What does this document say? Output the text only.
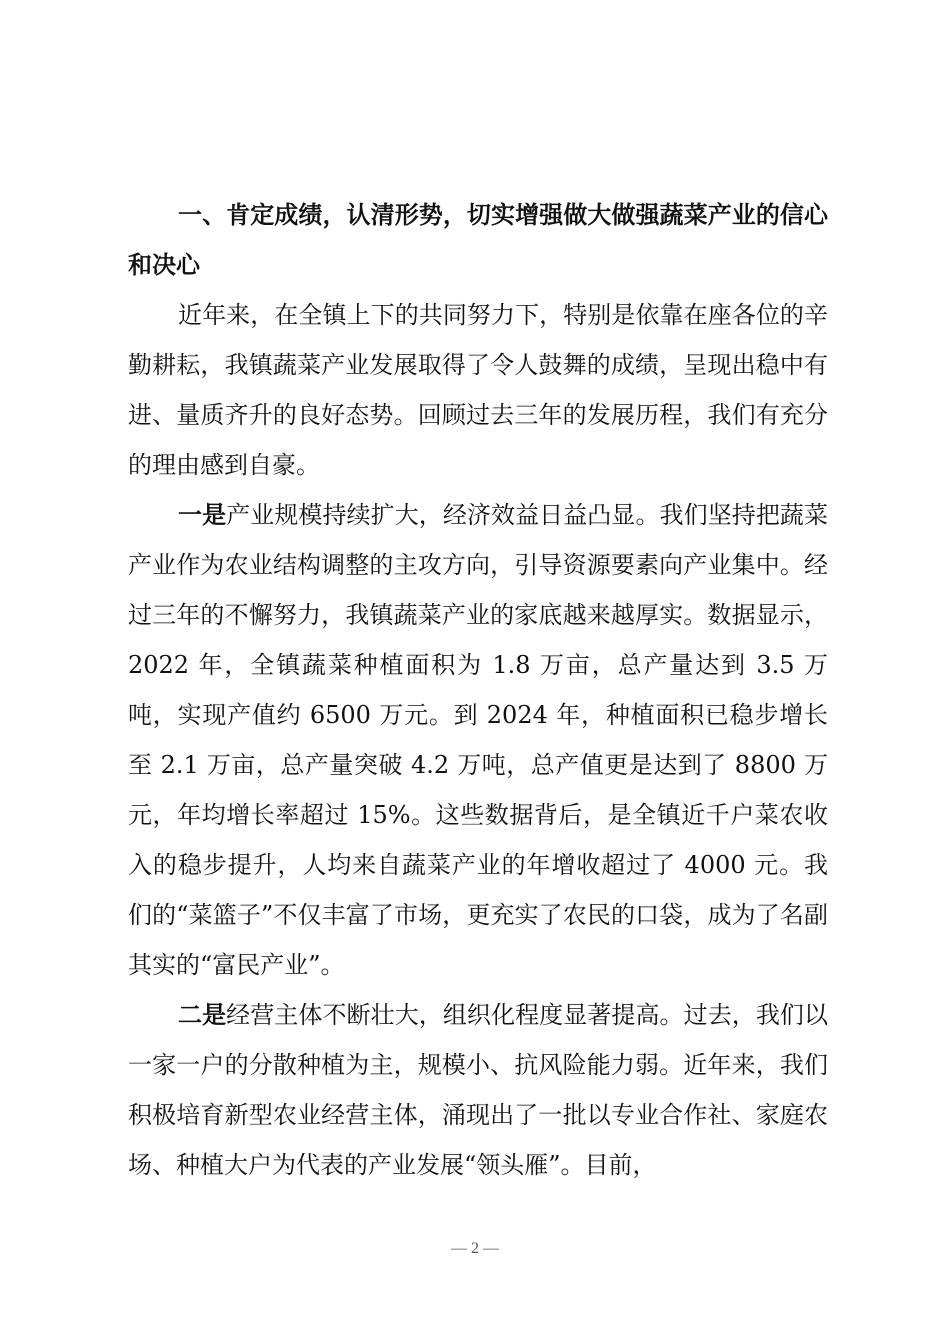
一、肯定成绩，认清形势，切实增强做大做强蔬菜产业的信心和决心

近年来，在全镇上下的共同努力下，特别是依靠在座各位的辛勤耕耘，我镇蔬菜产业发展取得了令人鼓舞的成绩，呈现出稳中有进、量质齐升的良好态势。回顾过去三年的发展历程，我们有充分的理由感到自豪。

一是产业规模持续扩大，经济效益日益凸显。我们坚持把蔬菜产业作为农业结构调整的主攻方向，引导资源要素向产业集中。经过三年的不懈努力，我镇蔬菜产业的家底越来越厚实。数据显示，2022 年，全镇蔬菜种植面积为 1.8 万亩，总产量达到 3.5 万吨，实现产值约 6500 万元。到 2024 年，种植面积已稳步增长至 2.1 万亩，总产量突破 4.2 万吨，总产值更是达到了 8800 万元，年均增长率超过 15%。这些数据背后，是全镇近千户菜农收入的稳步提升，人均来自蔬菜产业的年增收超过了 4000 元。我们的“菜篮子”不仅丰富了市场，更充实了农民的口袋，成为了名副其实的“富民产业”。

二是经营主体不断壮大，组织化程度显著提高。过去，我们以一家一户的分散种植为主，规模小、抗风险能力弱。近年来，我们积极培育新型农业经营主体，涌现出了一批以专业合作社、家庭农场、种植大户为代表的产业发展“领头雁”。目前，

— 2 —
